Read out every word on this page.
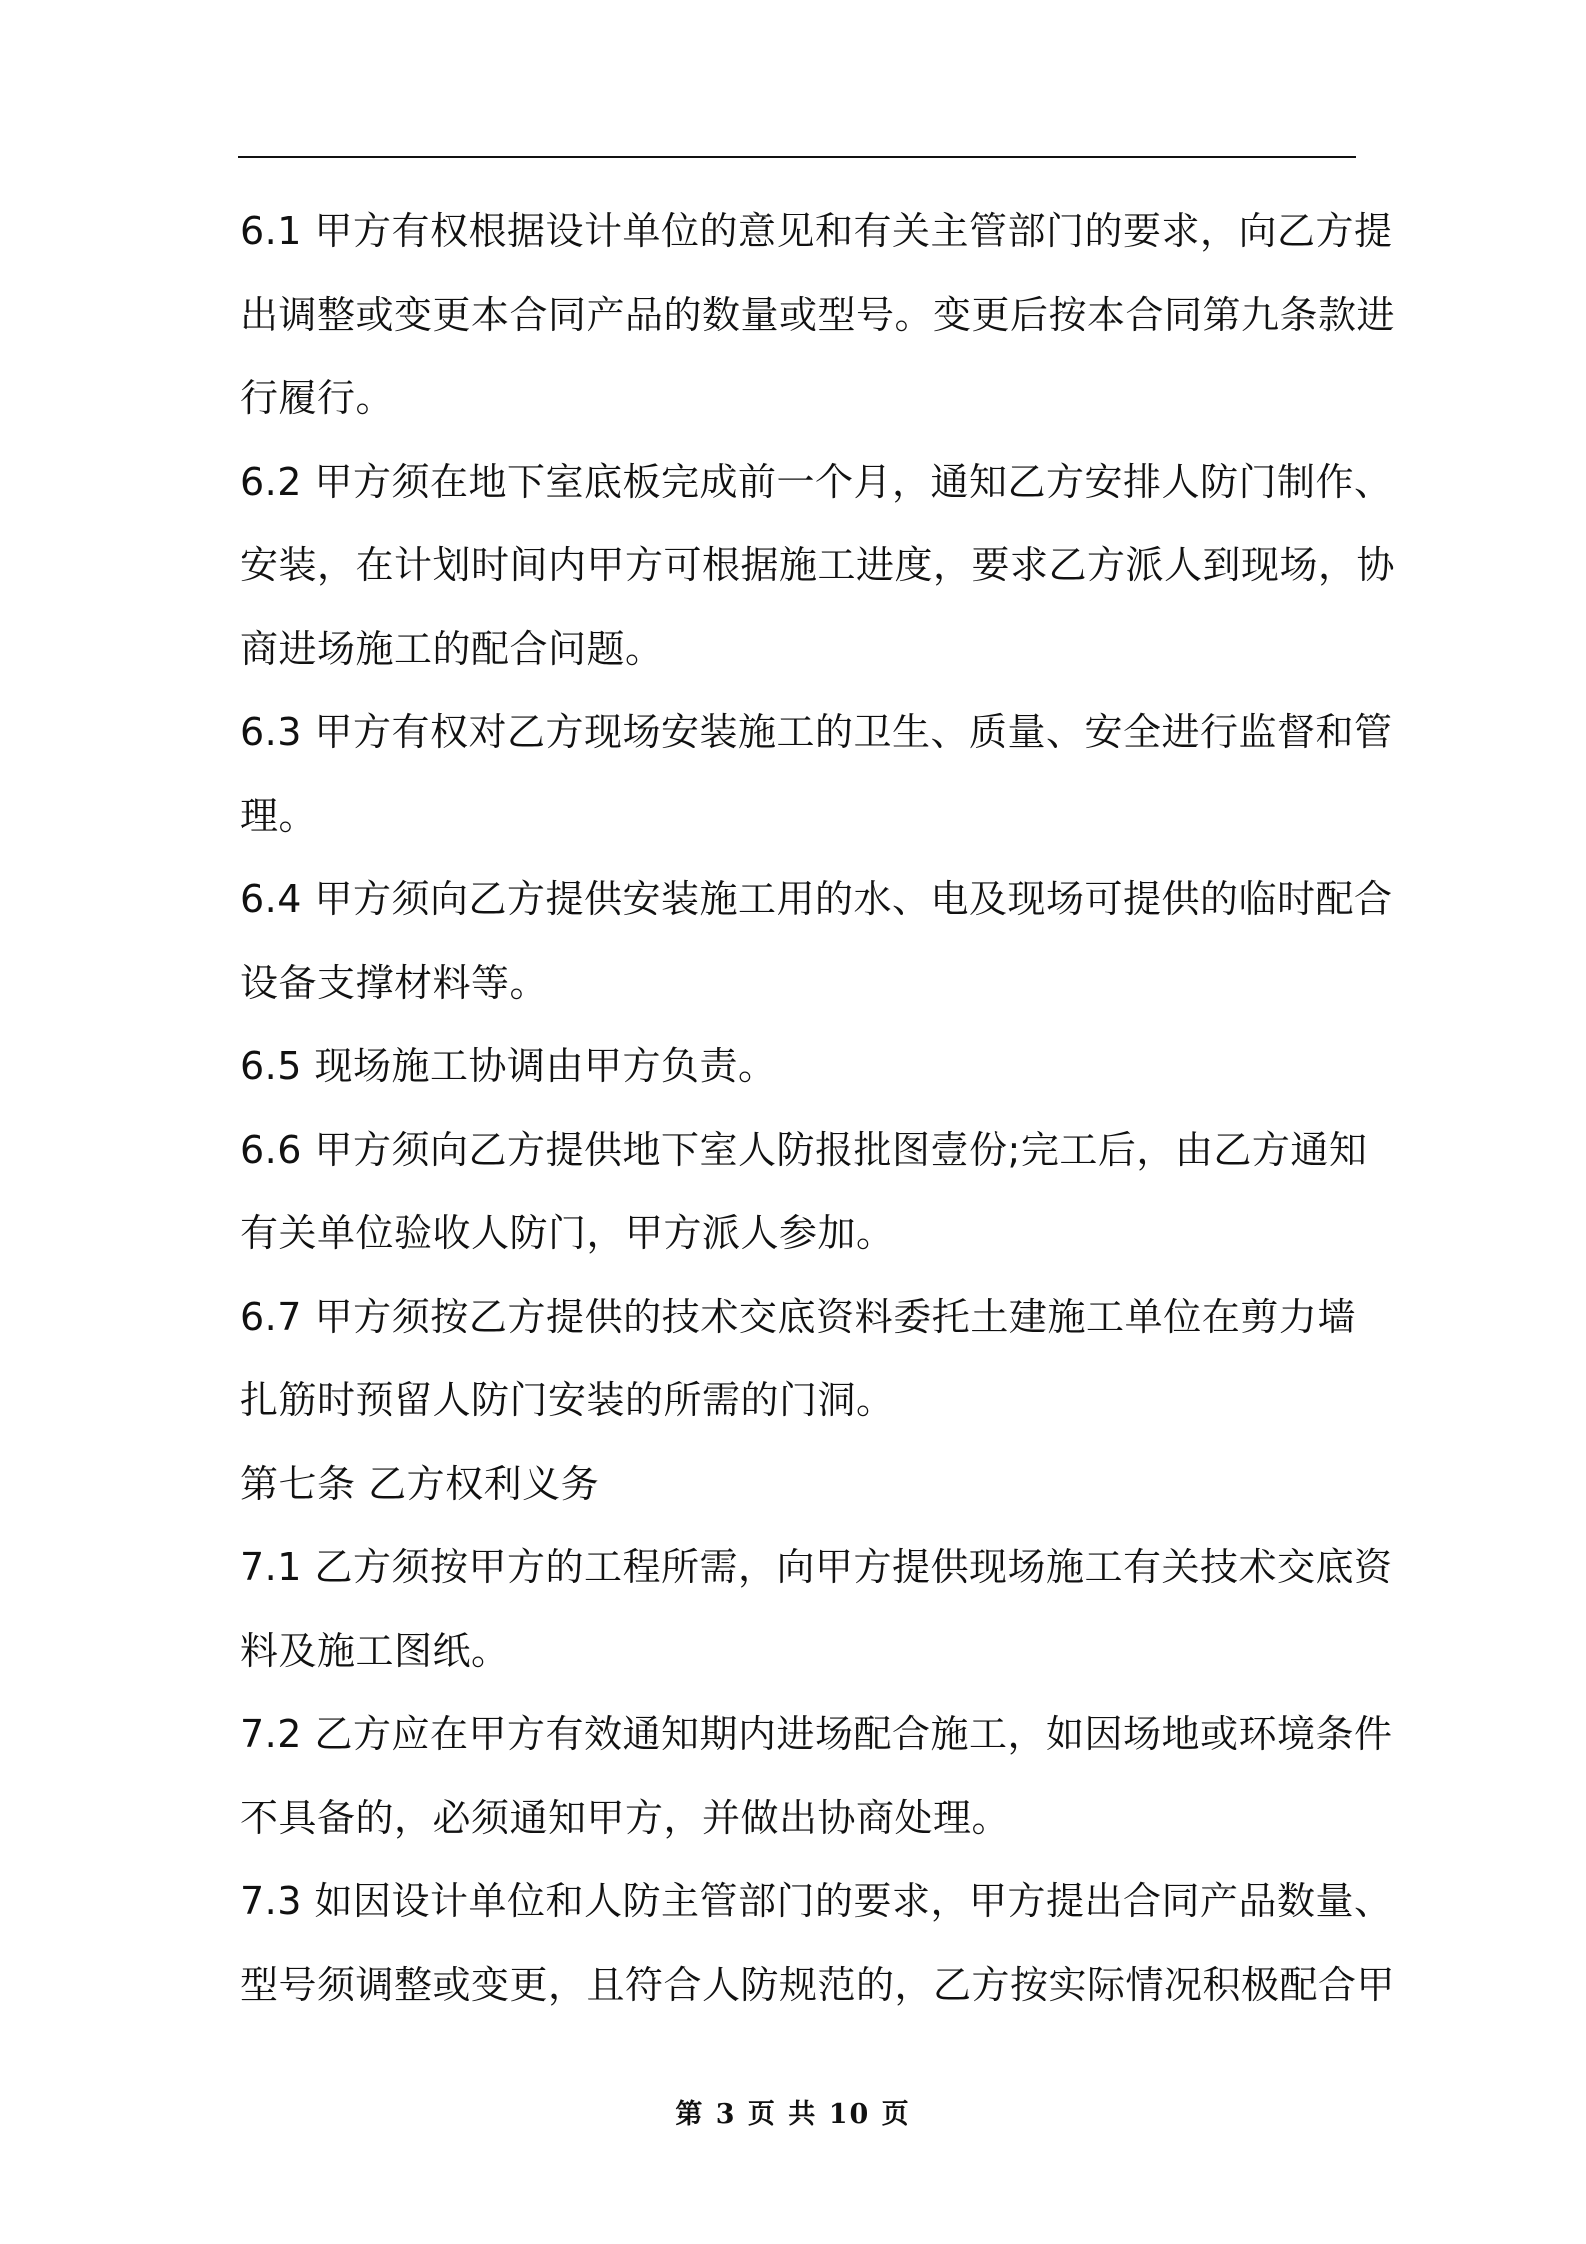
6.1 甲方有权根据设计单位的意见和有关主管部门的要求，向乙方提
出调整或变更本合同产品的数量或型号。变更后按本合同第九条款进
行履行。
6.2 甲方须在地下室底板完成前一个月，通知乙方安排人防门制作、
安装，在计划时间内甲方可根据施工进度，要求乙方派人到现场，协
商进场施工的配合问题。
6.3 甲方有权对乙方现场安装施工的卫生、质量、安全进行监督和管
理。
6.4 甲方须向乙方提供安装施工用的水、电及现场可提供的临时配合
设备支撑材料等。
6.5 现场施工协调由甲方负责。
6.6 甲方须向乙方提供地下室人防报批图壹份;完工后，由乙方通知
有关单位验收人防门，甲方派人参加。
6.7 甲方须按乙方提供的技术交底资料委托土建施工单位在剪力墙
扎筋时预留人防门安装的所需的门洞。
第七条 乙方权利义务
7.1 乙方须按甲方的工程所需，向甲方提供现场施工有关技术交底资
料及施工图纸。
7.2 乙方应在甲方有效通知期内进场配合施工，如因场地或环境条件
不具备的，必须通知甲方，并做出协商处理。
7.3 如因设计单位和人防主管部门的要求，甲方提出合同产品数量、
型号须调整或变更，且符合人防规范的，乙方按实际情况积极配合甲
第 3 页 共 10 页
